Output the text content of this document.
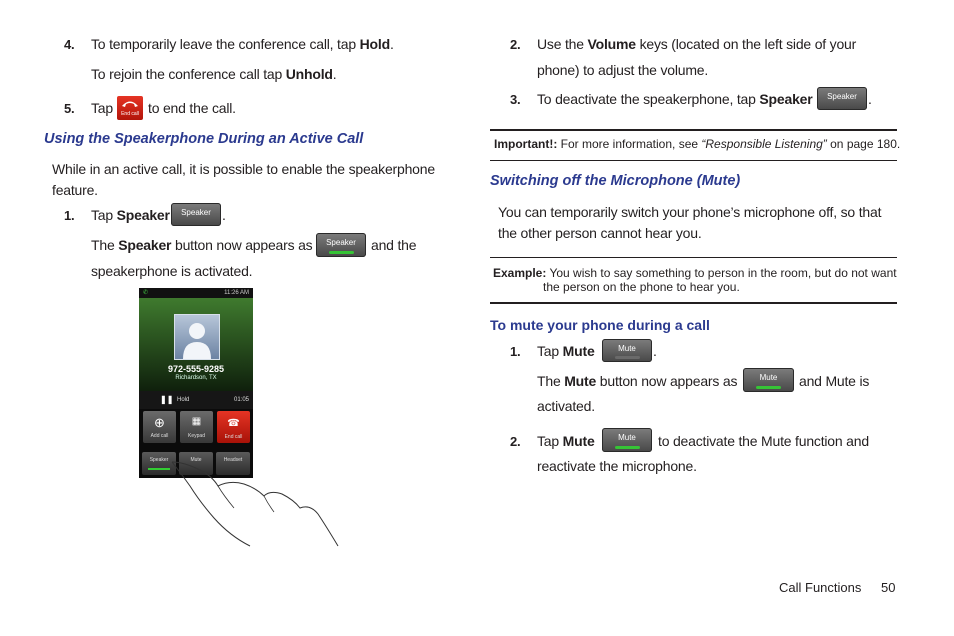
4. To temporarily leave the conference call, tap Hold.
To rejoin the conference call tap Unhold.
5. Tap	End call to end the call.
Using the Speakerphone During an Active Call
While in an active call, it is possible to enable the speakerphone
feature.
1. Tap Speaker	Speaker .
The Speaker button now appears as	Speaker	and the
speakerphone is activated.
✆	11:26 AM
972-555-9285
Richardson, TX
❚❚ Hold	01:05
⊕
Add call
▦
Keypad
☎
End call
Speaker	Mute	Headset
2. Use the Volume keys (located on the left side of your
phone) to adjust the volume.
3. To deactivate the speakerphone, tap Speaker	Speaker .
Important!: For more information, see “Responsible Listening” on page 180.
Switching off the Microphone (Mute)
You can temporarily switch your phone’s microphone off, so that
the other person cannot hear you.
Example: You wish to say something to person in the room, but do not want
the person on the phone to hear you.
To mute your phone during a call
1. Tap Mute	Mute	.
The Mute button now appears as	Mute	and Mute is
activated.
2. Tap Mute	Mute	to deactivate the Mute function and
reactivate the microphone.
Call Functions 50
